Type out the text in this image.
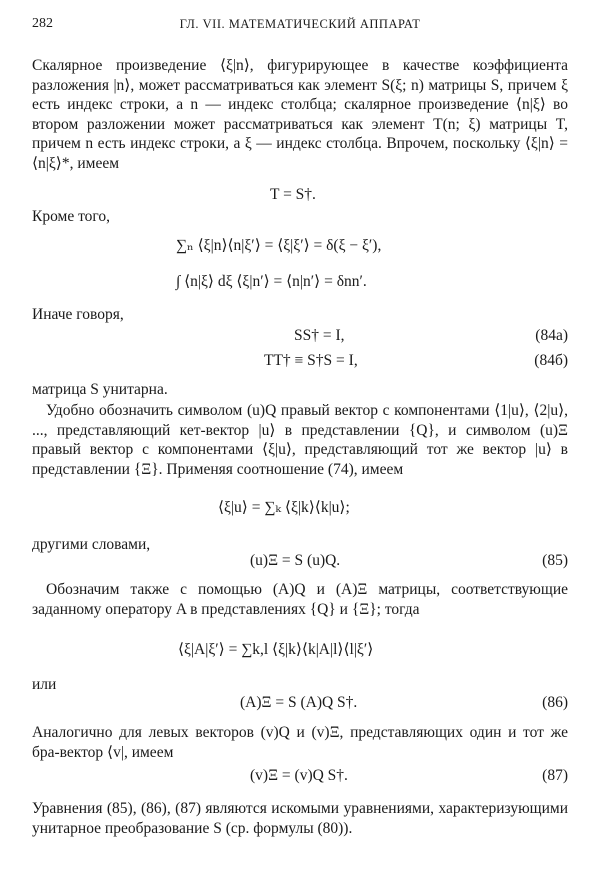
282	ГЛ. VII. МАТЕМАТИЧЕСКИЙ АППАРАТ
Скалярное произведение ⟨ξ|n⟩, фигурирующее в качестве коэффициента разложения |n⟩, может рассматриваться как элемент S(ξ; n) матрицы S, причем ξ есть индекс строки, а n — индекс столбца; скалярное произведение ⟨n|ξ⟩ во втором разложении может рассматриваться как элемент T(n; ξ) матрицы T, причем n есть индекс строки, а ξ — индекс столбца. Впрочем, поскольку ⟨ξ|n⟩ = ⟨n|ξ⟩*, имеем
T = S†.
Кроме того,
∑ₙ ⟨ξ|n⟩⟨n|ξ′⟩ = ⟨ξ|ξ′⟩ = δ(ξ − ξ′),
∫ ⟨n|ξ⟩ dξ ⟨ξ|n′⟩ = ⟨n|n′⟩ = δnn′.
Иначе говоря,
SS† = I,	(84а)
TT† ≡ S†S = I,	(84б)
матрица S унитарна.
Удобно обозначить символом (u)Q правый вектор с компонентами ⟨1|u⟩, ⟨2|u⟩, ..., представляющий кет-вектор |u⟩ в представлении {Q}, и символом (u)Ξ правый вектор с компонентами ⟨ξ|u⟩, представляющий тот же вектор |u⟩ в представлении {Ξ}. Применяя соотношение (74), имеем
⟨ξ|u⟩ = ∑ₖ ⟨ξ|k⟩⟨k|u⟩;
другими словами,
(u)Ξ = S (u)Q.	(85)
Обозначим также с помощью (A)Q и (A)Ξ матрицы, соответствующие заданному оператору A в представлениях {Q} и {Ξ}; тогда
⟨ξ|A|ξ′⟩ = ∑k,l ⟨ξ|k⟩⟨k|A|l⟩⟨l|ξ′⟩
или
(A)Ξ = S (A)Q S†.	(86)
Аналогично для левых векторов (v)Q и (v)Ξ, представляющих один и тот же бра-вектор ⟨v|, имеем
(v)Ξ = (v)Q S†.	(87)
Уравнения (85), (86), (87) являются искомыми уравнениями, характеризующими унитарное преобразование S (ср. формулы (80)).
